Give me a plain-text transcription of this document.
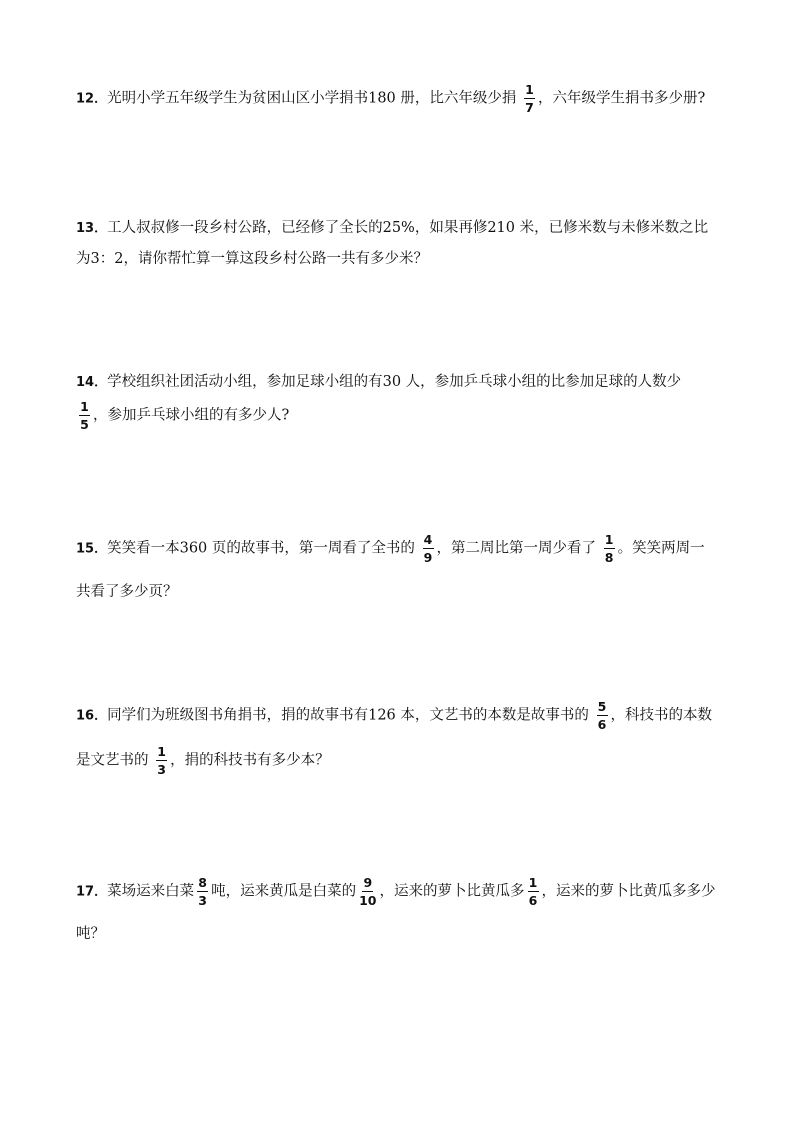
12．光明小学五年级学生为贫困山区小学捐书180 册，比六年级少捐 $\frac{1}{7}$ ，六年级学生捐书多少册?
13．工人叔叔修一段乡村公路，已经修了全长的25%，如果再修210 米，已修米数与未修米数之比
为3：2，请你帮忙算一算这段乡村公路一共有多少米？
14．学校组织社团活动小组，参加足球小组的有30 人，参加乒乓球小组的比参加足球的人数少
$\frac{1}{5}$ ，参加乒乓球小组的有多少人?
15．笑笑看一本360 页的故事书，第一周看了全书的 $\frac{4}{9}$ ，第二周比第一周少看了 $\frac{1}{8}$ 。笑笑两周一
共看了多少页？
16．同学们为班级图书角捐书，捐的故事书有126 本，文艺书的本数是故事书的 $\frac{5}{6}$ ，科技书的本数
是文艺书的 $\frac{1}{3}$ ，捐的科技书有多少本？
17．菜场运来白菜 $\frac{8}{3}$ 吨，运来黄瓜是白菜的 $\frac{9}{10}$ ，运来的萝卜比黄瓜多 $\frac{1}{6}$ ，运来的萝卜比黄瓜多多少
吨？
